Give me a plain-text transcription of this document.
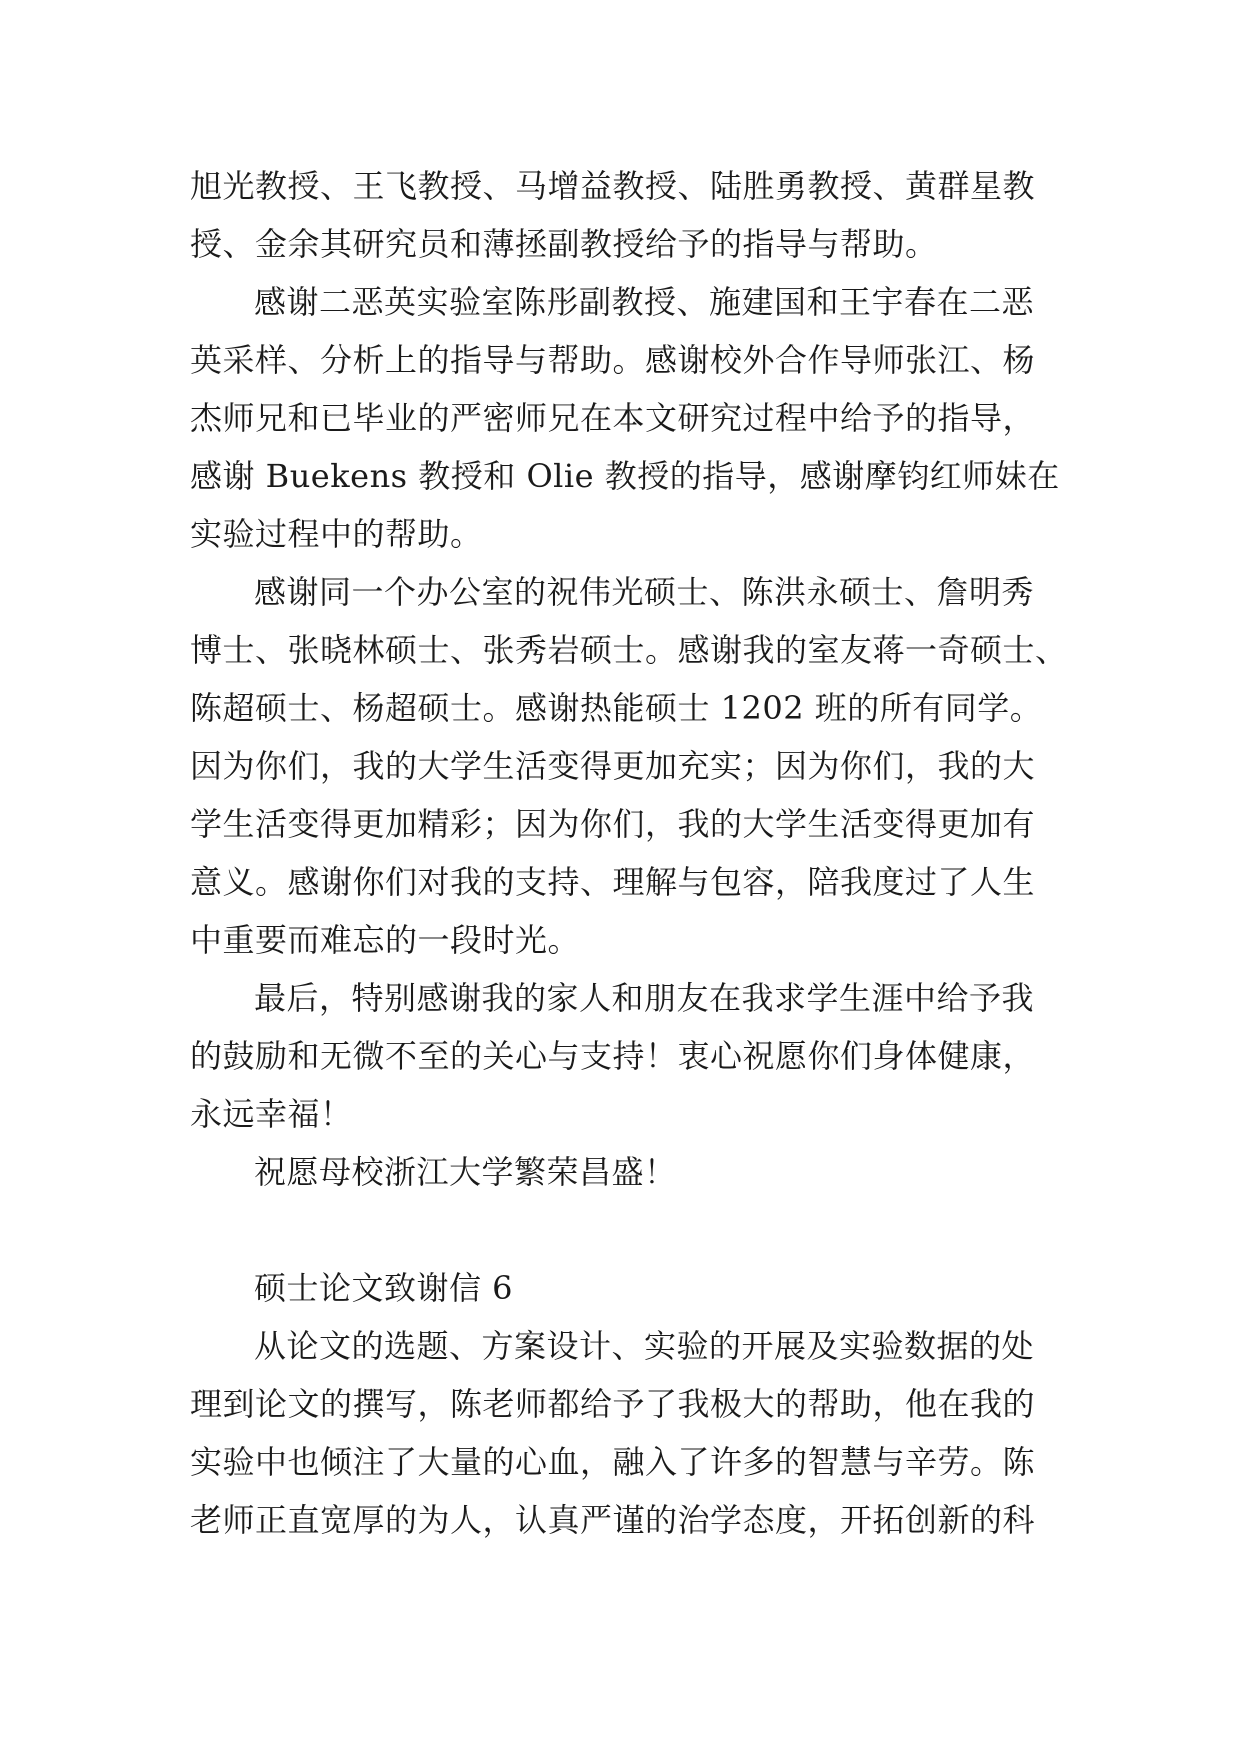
旭光教授、王飞教授、马增益教授、陆胜勇教授、黄群星教
授、金余其研究员和薄拯副教授给予的指导与帮助。
感谢二恶英实验室陈彤副教授、施建国和王宇春在二恶
英采样、分析上的指导与帮助。感谢校外合作导师张江、杨
杰师兄和已毕业的严密师兄在本文研究过程中给予的指导，
感谢 Buekens 教授和 Olie 教授的指导，感谢摩钧红师妹在
实验过程中的帮助。
感谢同一个办公室的祝伟光硕士、陈洪永硕士、詹明秀
博士、张晓林硕士、张秀岩硕士。感谢我的室友蒋一奇硕士、
陈超硕士、杨超硕士。感谢热能硕士 1202 班的所有同学。
因为你们，我的大学生活变得更加充实；因为你们，我的大
学生活变得更加精彩；因为你们，我的大学生活变得更加有
意义。感谢你们对我的支持、理解与包容，陪我度过了人生
中重要而难忘的一段时光。
最后，特别感谢我的家人和朋友在我求学生涯中给予我
的鼓励和无微不至的关心与支持！衷心祝愿你们身体健康，
永远幸福！
祝愿母校浙江大学繁荣昌盛！
硕士论文致谢信 6
从论文的选题、方案设计、实验的开展及实验数据的处
理到论文的撰写，陈老师都给予了我极大的帮助，他在我的
实验中也倾注了大量的心血，融入了许多的智慧与辛劳。陈
老师正直宽厚的为人，认真严谨的治学态度，开拓创新的科
